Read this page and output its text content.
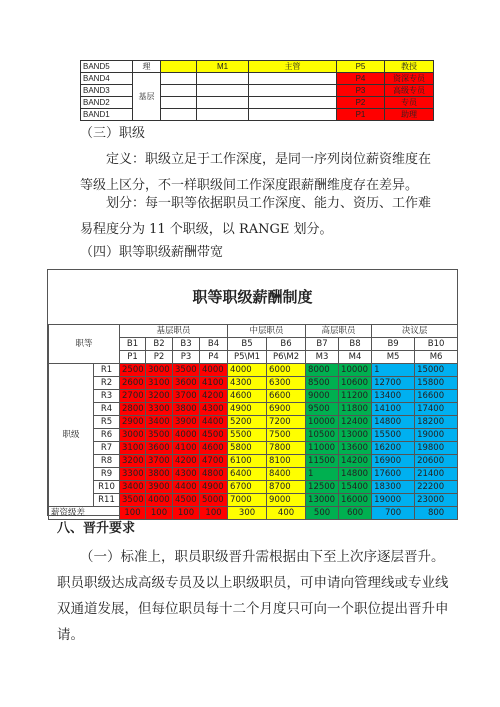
BAND5	理		M1	主管	P5	教授
BAND4	基层				P4	资深专员
BAND3					P3	高级专员
BAND2					P2	专员
BAND1					P1	助理
（三）职级
定义：职级立足于工作深度，是同一序列岗位薪资维度在等级上区分，不一样职级间工作深度跟薪酬维度存在差异。
划分：每一职等依据职员工作深度、能力、资历、工作难易程度分为 11 个职级，以 RANGE 划分。
（四）职等职级薪酬带宽
职等职级薪酬制度
职等		基层职员				中层职员		高层职员		决议层	
		B1	B2	B3	B4	B5	B6	B7	B8	B9	B10
		P1	P2	P3	P4	P5\M1	P6\M2	M3	M4	M5	M6
职级	R1	2500	3000	3500	4000	4000	6000	8000	10000	1	15000
	R2	2600	3100	3600	4100	4300	6300	8500	10600	12700	15800
	R3	2700	3200	3700	4200	4600	6600	9000	11200	13400	16600
	R4	2800	3300	3800	4300	4900	6900	9500	11800	14100	17400
	R5	2900	3400	3900	4400	5200	7200	10000	12400	14800	18200
	R6	3000	3500	4000	4500	5500	7500	10500	13000	15500	19000
	R7	3100	3600	4100	4600	5800	7800	11000	13600	16200	19800
	R8	3200	3700	4200	4700	6100	8100	11500	14200	16900	20600
	R9	3300	3800	4300	4800	6400	8400	1	14800	17600	21400
	R10	3400	3900	4400	4900	6700	8700	12500	15400	18300	22200
	R11	3500	4000	4500	5000	7000	9000	13000	16000	19000	23000
薪资级差		100	100	100	100	300	400	500	600	700	800
八、晋升要求
（一）标准上，职员职级晋升需根据由下至上次序逐层晋升。
职员职级达成高级专员及以上职级职员，可申请向管理线或专业线
双通道发展，但每位职员每十二个月度只可向一个职位提出晋升申
请。
